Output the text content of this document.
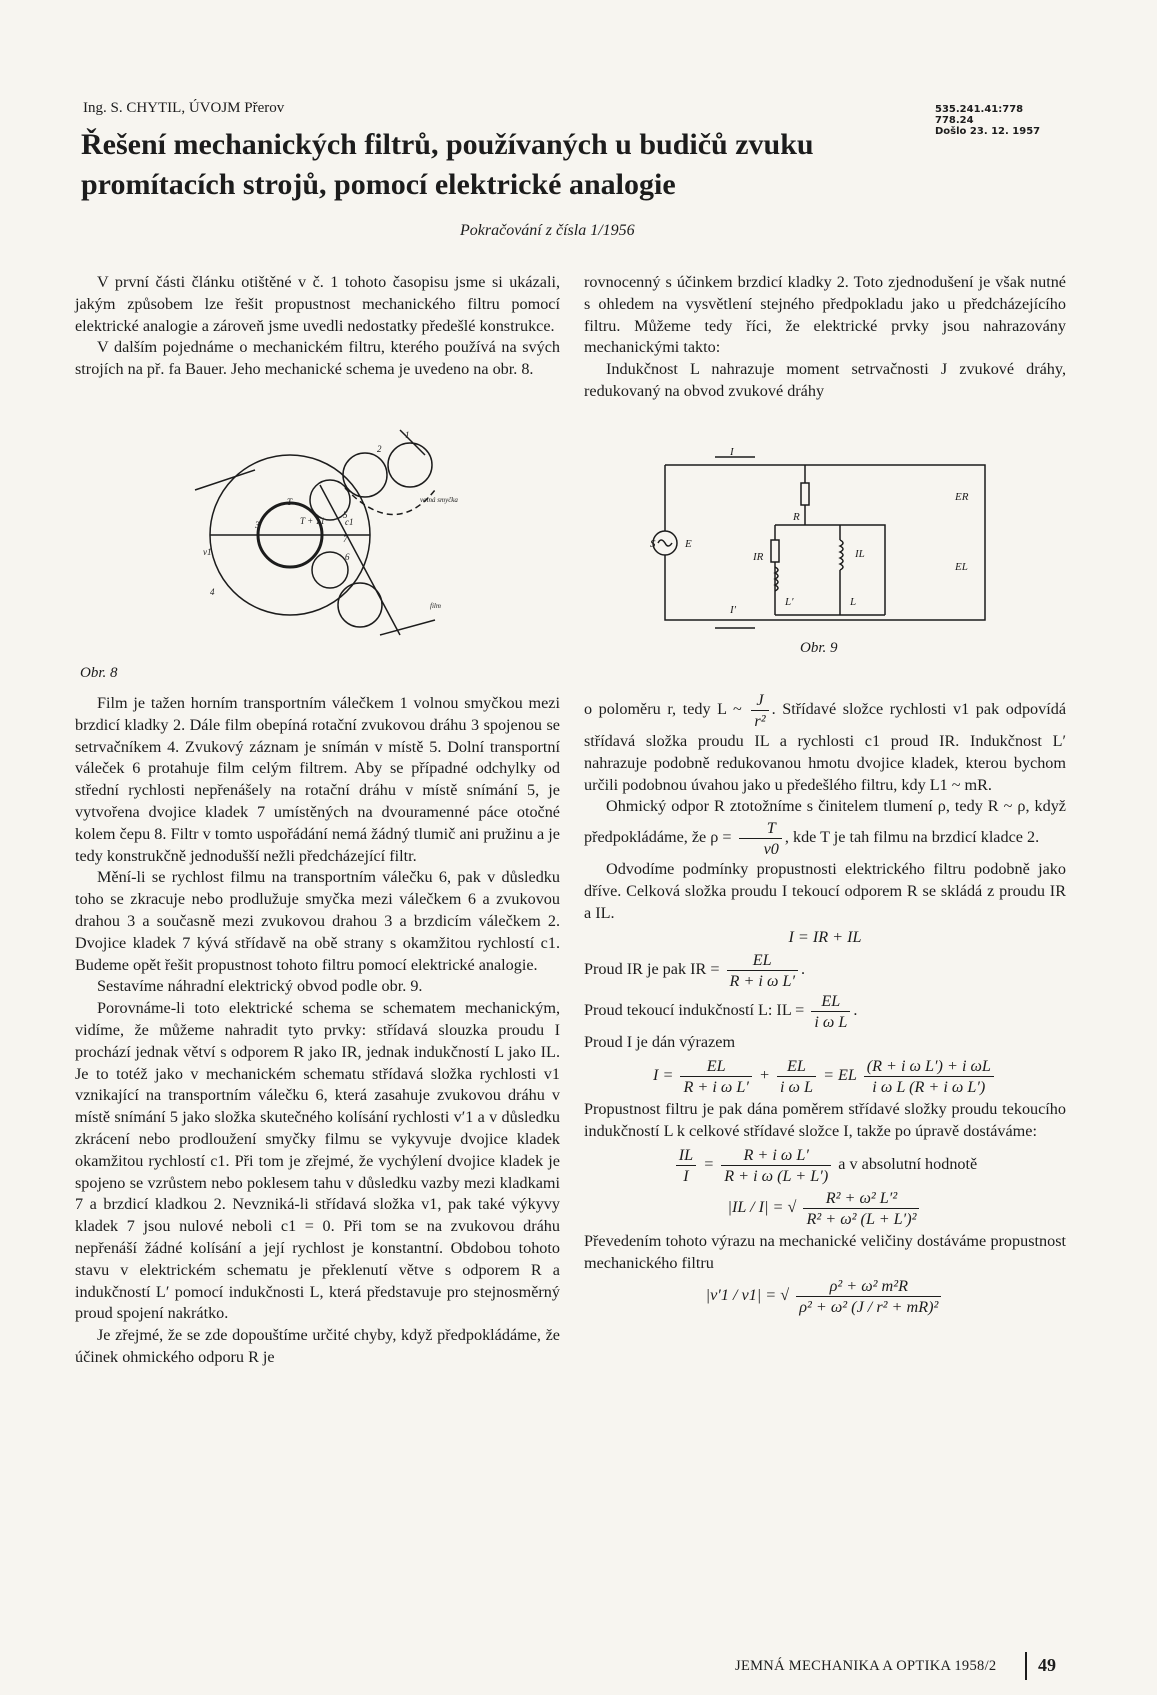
Ing. S. CHYTIL, ÚVOJM Přerov	535.241.41:778
778.24
Došlo 23. 12. 1957
Řešení mechanických filtrů, používaných u budičů zvuku promítacích strojů, pomocí elektrické analogie
Pokračování z čísla 1/1956

V první části článku otištěné v č. 1 tohoto časopisu jsme si ukázali, jakým způsobem lze řešit propustnost mechanického filtru pomocí elektrické analogie a zároveň jsme uvedli nedostatky předešlé konstrukce.

V dalším pojednáme o mechanickém filtru, kterého používá na svých strojích na př. fa Bauer. Jeho mechanické schema je uvedeno na obr. 8.

1
2
3
4
5
6
7
volná smyčka
film
c1
v1
T + T1
T
Obr. 8

rovnocenný s účinkem brzdicí kladky 2. Toto zjednodušení je však nutné s ohledem na vysvětlení stejného předpokladu jako u předcházejícího filtru. Můžeme tedy říci, že elektrické prvky jsou nahrazovány mechanickými takto:

Indukčnost L nahrazuje moment setrvačnosti J zvukové dráhy, redukovaný na obvod zvukové dráhy

I
I′
S	E
R
IR
L′	L
IL
ER
EL
Obr. 9

Film je tažen horním transportním válečkem 1 volnou smyčkou mezi brzdicí kladky 2. Dále film obepíná rotační zvukovou dráhu 3 spojenou se setrvačníkem 4. Zvukový záznam je snímán v místě 5. Dolní transportní váleček 6 protahuje film celým filtrem. Aby se případné odchylky od střední rychlosti nepřenášely na rotační dráhu v místě snímání 5, je vytvořena dvojice kladek 7 umístěných na dvouramenné páce otočné kolem čepu 8. Filtr v tomto uspořádání nemá žádný tlumič ani pružinu a je tedy konstrukčně jednodušší nežli předcházející filtr.

Mění-li se rychlost filmu na transportním válečku 6, pak v důsledku toho se zkracuje nebo prodlužuje smyčka mezi válečkem 6 a zvukovou drahou 3 a současně mezi zvukovou drahou 3 a brzdicím válečkem 2. Dvojice kladek 7 kývá střídavě na obě strany s okamžitou rychlostí c1. Budeme opět řešit propustnost tohoto filtru pomocí elektrické analogie.

Sestavíme náhradní elektrický obvod podle obr. 9.

Porovnáme-li toto elektrické schema se schematem mechanickým, vidíme, že můžeme nahradit tyto prvky: střídavá slouzka proudu I prochází jednak větví s odporem R jako IR, jednak indukčností L jako IL. Je to totéž jako v mechanickém schematu střídavá složka rychlosti v1 vznikající na transportním válečku 6, která zasahuje zvukovou dráhu v místě snímání 5 jako složka skutečného kolísání rychlosti v′1 a v důsledku zkrácení nebo prodloužení smyčky filmu se vykyvuje dvojice kladek okamžitou rychlostí c1. Při tom je zřejmé, že vychýlení dvojice kladek je spojeno se vzrůstem nebo poklesem tahu v důsledku vazby mezi kladkami 7 a brzdicí kladkou 2. Nevzniká-li střídavá složka v1, pak také výkyvy kladek 7 jsou nulové neboli c1 = 0. Při tom se na zvukovou dráhu nepřenáší žádné kolísání a její rychlost je konstantní. Obdobou tohoto stavu v elektrickém schematu je překlenutí větve s odporem R a indukčností L′ pomocí indukčnosti L, která představuje pro stejnosměrný proud spojení nakrátko.

Je zřejmé, že se zde dopouštíme určité chyby, když předpokládáme, že účinek ohmického odporu R je

o poloměru r, tedy L ~ $\frac{J}{\text{r²}}$ . Střídavé složce rychlosti v1 pak odpovídá střídavá složka proudu IL a rychlosti c1 proud IR. Indukčnost L′ nahrazuje podobně redukovanou hmotu dvojice kladek, kterou bychom určili podobnou úvahou jako u předešlého filtru, kdy L1 ~ mR.

Ohmický odpor R ztotožníme s činitelem tlumení ρ, tedy R ~ ρ, když předpokládáme, že $\rho = \frac{T}{v0}$ , kde T je tah filmu na brzdicí kladce 2.

Odvodíme podmínky propustnosti elektrického filtru podobně jako dříve. Celková složka proudu I tekoucí odporem R se skládá z proudu IR a IL.

I = IR + IL

Proud IR je pak IR = $\frac{EL}{\text{R + i ω L′}}$ .

Proud tekoucí indukčností L: IL = $\frac{EL}{\text{i ω L}}$ .

Proud I je dán výrazem

$I = \frac{EL}{\text{R + i ω L′}} + \frac{EL}{\text{i ω L}}$ = EL $\frac{\text{(R + i ω L′) + i ωL}}{\text{i ω L (R + i ω L′)}}$

Propustnost filtru je pak dána poměrem střídavé složky proudu tekoucího indukčností L k celkové střídavé složce I, takže po úpravě dostáváme:

$\frac{IL}{I} = \frac{\text{R + i ω L′}}{\text{R + i ω (L + L′)}}$ a v absolutní hodnotě
|IL / I| = √ $\frac{\text{R² + ω² L′²}}{\text{R² + ω² (L + L′)²}}$

Převedením tohoto výrazu na mechanické veličiny dostáváme propustnost mechanického filtru

|v′1 / v1| = √ $\frac{\text{ρ² + ω² m²R}}{\text{ρ² + ω² (J / r² + mR)²}}$
JEMNÁ MECHANIKA A OPTIKA 1958/2 49
